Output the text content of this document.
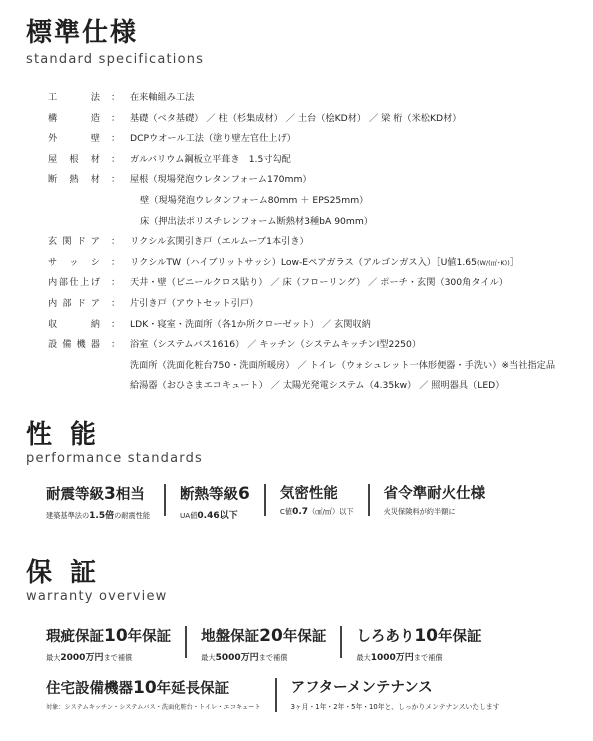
標準仕様
standard specifications
工法 ： 在来軸組み工法
構造 ： 基礎（ベタ基礎） ／ 柱（杉集成材） ／ 土台（桧KD材） ／ 梁 桁（米松KD材）
外壁 ： DCPウオール工法（塗り壁左官仕上げ）
屋根材 ： ガルバリウム鋼板立平葺き　1.5寸勾配
断熱材 ： 屋根（現場発泡ウレタンフォーム170mm）
壁（現場発泡ウレタンフォーム80mm ＋ EPS25mm）
床（押出法ポリスチレンフォーム断熱材3種bA 90mm）
玄関ドア ： リクシル玄関引き戸（エルムーブ1本引き）
サッシ ： リクシルTW（ハイブリットサッシ）Low-Eペアガラス（アルゴンガス入）［U値1.65(W/(㎡･K))］
内部仕上げ ： 天井・壁（ビニールクロス貼り） ／ 床（フローリング） ／ ポーチ・玄関（300角タイル）
内部ドア ： 片引き戸（アウトセット引戸）
収納 ： LDK・寝室・洗面所（各1か所クローゼット） ／ 玄関収納
設備機器 ： 浴室（システムバス1616） ／ キッチン（システムキッチンI型2250）
洗面所（洗面化粧台750・洗面所暖房） ／ トイレ（ウォシュレット一体形便器・手洗い）※当社指定品
給湯器（おひさまエコキュート） ／ 太陽光発電システム（4.35kw） ／ 照明器具（LED）
性能
performance standards
耐震等級3相当
建築基準法の1.5倍の耐震性能
断熱等級6
UA値0.46以下
気密性能
C値0.7（㎠/㎡）以下
省令準耐火仕様
火災保険料が約半額に
保証
warranty overview
瑕疵保証10年保証
最大2000万円まで補償
地盤保証20年保証
最大5000万円まで補償
しろあり10年保証
最大1000万円まで補償
住宅設備機器10年延長保証
対象：システムキッチン・システムバス・洗面化粧台・トイレ・エコキュート
アフターメンテナンス
3ヶ月・1年・2年・5年・10年と、しっかりメンテナンスいたします
